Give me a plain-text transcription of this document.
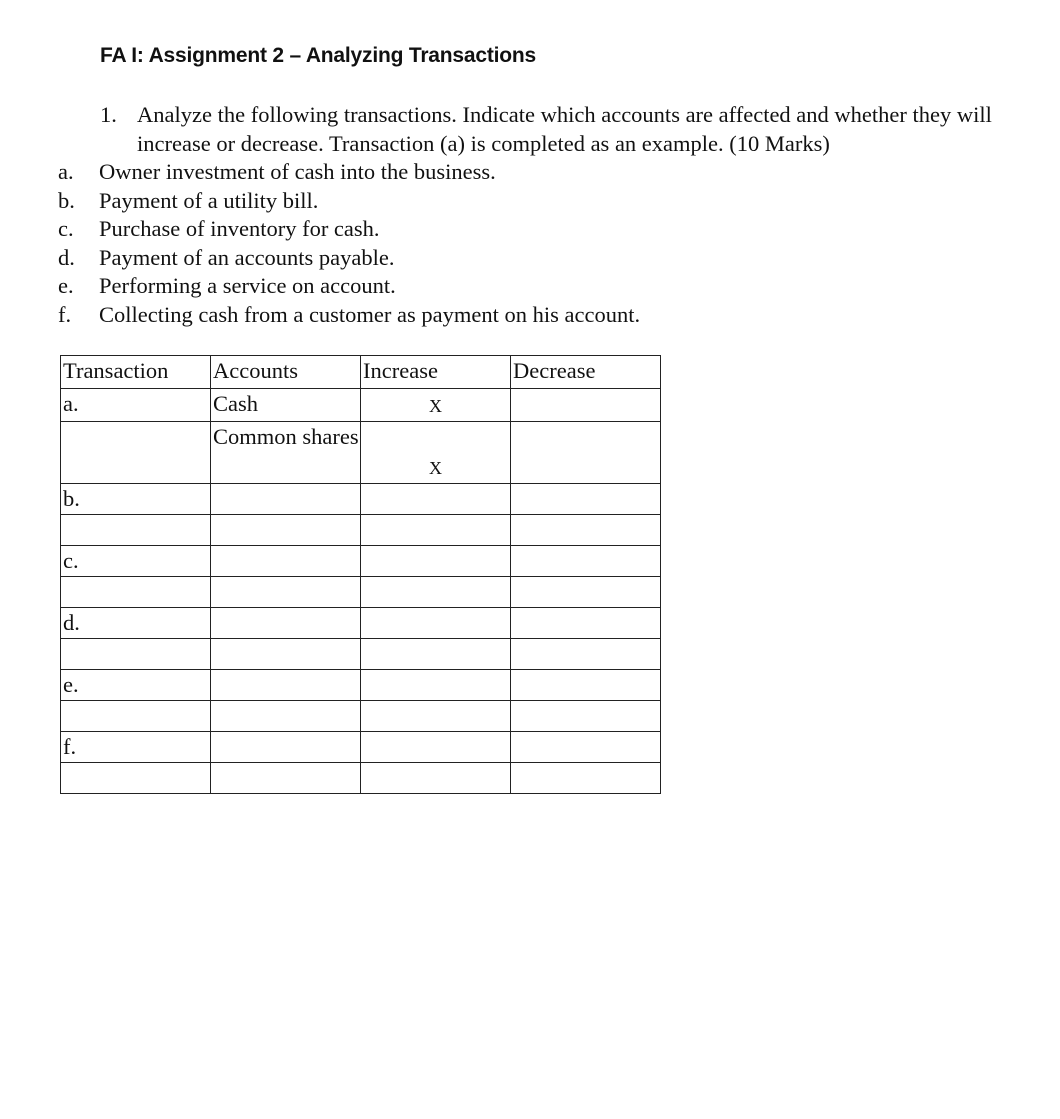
FA I: Assignment 2 – Analyzing Transactions
1. Analyze the following transactions. Indicate which accounts are affected and whether they will increase or decrease. Transaction (a) is completed as an example. (10 Marks)
a.	Owner investment of cash into the business.
b.	Payment of a utility bill.
c.	Purchase of inventory for cash.
d.	Payment of an accounts payable.
e.	Performing a service on account.
f.	Collecting cash from a customer as payment on his account.
Transaction	Accounts	Increase	Decrease
a.	Cash	X	
	Common shares	X	
b.			

c.			

d.			

e.			

f.			
